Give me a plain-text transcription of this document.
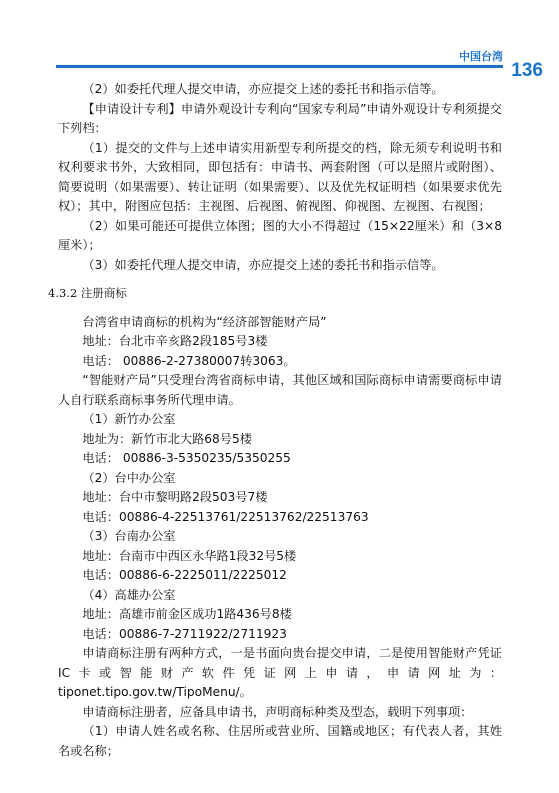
中国台湾
136

（2）如委托代理人提交申请，亦应提交上述的委托书和指示信等。

【申请设计专利】申请外观设计专利向“国家专利局”申请外观设计专利须提交下列档：

（1）提交的文件与上述申请实用新型专利所提交的档，除无须专利说明书和权利要求书外，大致相同，即包括有：申请书、两套附图（可以是照片或附图）、简要说明（如果需要）、转让证明（如果需要）、以及优先权证明档（如果要求优先权）；其中，附图应包括：主视图、后视图、俯视图、仰视图、左视图、右视图；

（2）如果可能还可提供立体图；图的大小不得超过（15×22厘米）和（3×8厘米）；

（3）如委托代理人提交申请，亦应提交上述的委托书和指示信等。

4.3.2 注册商标

台湾省申请商标的机构为“经济部智能财产局”

地址：台北市辛亥路2段185号3楼

电话： 00886-2-27380007转3063。

“智能财产局”只受理台湾省商标申请，其他区域和国际商标申请需要商标申请人自行联系商标事务所代理申请。

（1）新竹办公室

地址为：新竹市北大路68号5楼

电话： 00886-3-5350235/5350255

（2）台中办公室

地址：台中市黎明路2段503号7楼

电话：00886-4-22513761/22513762/22513763

（3）台南办公室

地址：台南市中西区永华路1段32号5楼

电话：00886-6-2225011/2225012

（4）高雄办公室

地址：高雄市前金区成功1路436号8楼

电话：00886-7-2711922/2711923

申请商标注册有两种方式，一是书面向贵台提交申请，二是使用智能财产凭证IC卡或智能财产软件凭证网上申请，申请网址为：tiponet.tipo.gov.tw/TipoMenu/。

申请商标注册者，应备具申请书，声明商标种类及型态，载明下列事项：

（1）申请人姓名或名称、住居所或营业所、国籍或地区；有代表人者，其姓名或名称；
